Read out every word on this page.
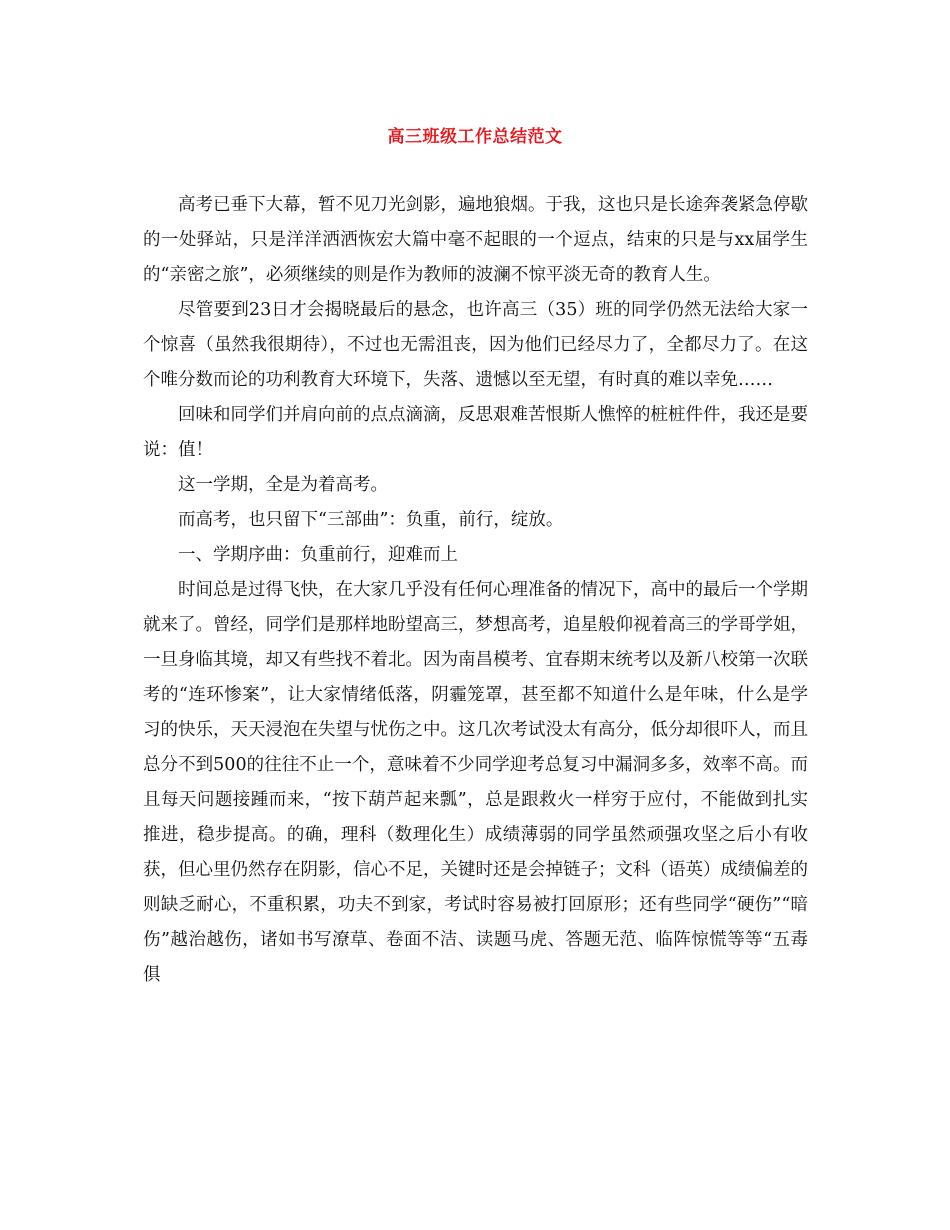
高三班级工作总结范文

高考已垂下大幕，暂不见刀光剑影，遍地狼烟。于我，这也只是长途奔袭紧急停歇的一处驿站，只是洋洋洒洒恢宏大篇中毫不起眼的一个逗点，结束的只是与xx届学生的“亲密之旅”，必须继续的则是作为教师的波澜不惊平淡无奇的教育人生。

尽管要到23日才会揭晓最后的悬念，也许高三（35）班的同学仍然无法给大家一个惊喜（虽然我很期待），不过也无需沮丧，因为他们已经尽力了，全都尽力了。在这个唯分数而论的功利教育大环境下，失落、遗憾以至无望，有时真的难以幸免……

回味和同学们并肩向前的点点滴滴，反思艰难苦恨斯人憔悴的桩桩件件，我还是要说：值！

这一学期，全是为着高考。

而高考，也只留下“三部曲”：负重，前行，绽放。

一、学期序曲：负重前行，迎难而上

时间总是过得飞快，在大家几乎没有任何心理准备的情况下，高中的最后一个学期就来了。曾经，同学们是那样地盼望高三，梦想高考，追星般仰视着高三的学哥学姐，一旦身临其境，却又有些找不着北。因为南昌模考、宜春期末统考以及新八校第一次联考的“连环惨案”，让大家情绪低落，阴霾笼罩，甚至都不知道什么是年味，什么是学习的快乐，天天浸泡在失望与忧伤之中。这几次考试没太有高分，低分却很吓人，而且总分不到500的往往不止一个，意味着不少同学迎考总复习中漏洞多多，效率不高。而且每天问题接踵而来，“按下葫芦起来瓢”，总是跟救火一样穷于应付，不能做到扎实推进，稳步提高。的确，理科（数理化生）成绩薄弱的同学虽然顽强攻坚之后小有收获，但心里仍然存在阴影，信心不足，关键时还是会掉链子；文科（语英）成绩偏差的则缺乏耐心，不重积累，功夫不到家，考试时容易被打回原形；还有些同学“硬伤”“暗伤”越治越伤，诸如书写潦草、卷面不洁、读题马虎、答题无范、临阵惊慌等等“五毒俱
